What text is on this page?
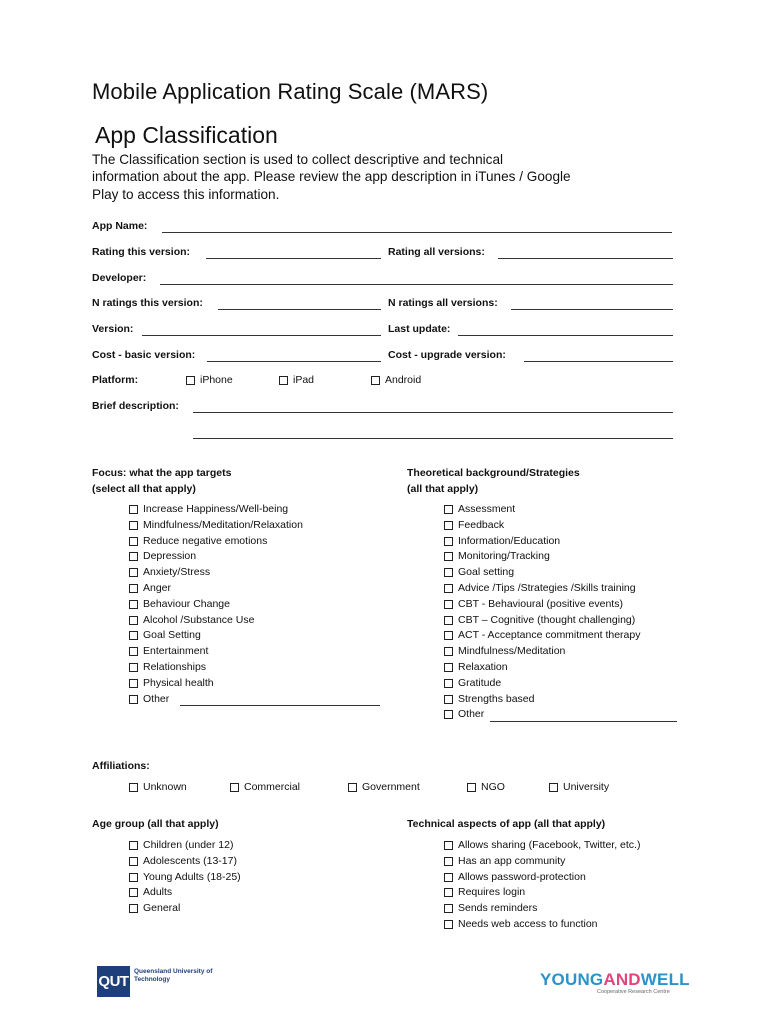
Mobile Application Rating Scale (MARS)
App Classification
The Classification section is used to collect descriptive and technical information about the app. Please review the app description in iTunes / Google Play to access this information.
App Name:
Rating this version:	Rating all versions:
Developer:
N ratings this version:	N ratings all versions:
Version:	Last update:
Cost - basic version:	Cost - upgrade version:
Platform:	iPhone	iPad	Android
Brief description:
Focus: what the app targets
(select all that apply)
Increase Happiness/Well-being
Mindfulness/Meditation/Relaxation
Reduce negative emotions
Depression
Anxiety/Stress
Anger
Behaviour Change
Alcohol /Substance Use
Goal Setting
Entertainment
Relationships
Physical health
Other
Theoretical background/Strategies
(all that apply)
Assessment
Feedback
Information/Education
Monitoring/Tracking
Goal setting
Advice /Tips /Strategies /Skills training
CBT - Behavioural (positive events)
CBT – Cognitive (thought challenging)
ACT - Acceptance commitment therapy
Mindfulness/Meditation
Relaxation
Gratitude
Strengths based
Other
Affiliations:
Unknown	Commercial	Government	NGO	University
Age group (all that apply)
Children (under 12)
Adolescents (13-17)
Young Adults (18-25)
Adults
General
Technical aspects of app (all that apply)
Allows sharing (Facebook, Twitter, etc.)
Has an app community
Allows password-protection
Requires login
Sends reminders
Needs web access to function
QUT
Queensland University of Technology	YOUNGANDWELL
Cooperative Research Centre
